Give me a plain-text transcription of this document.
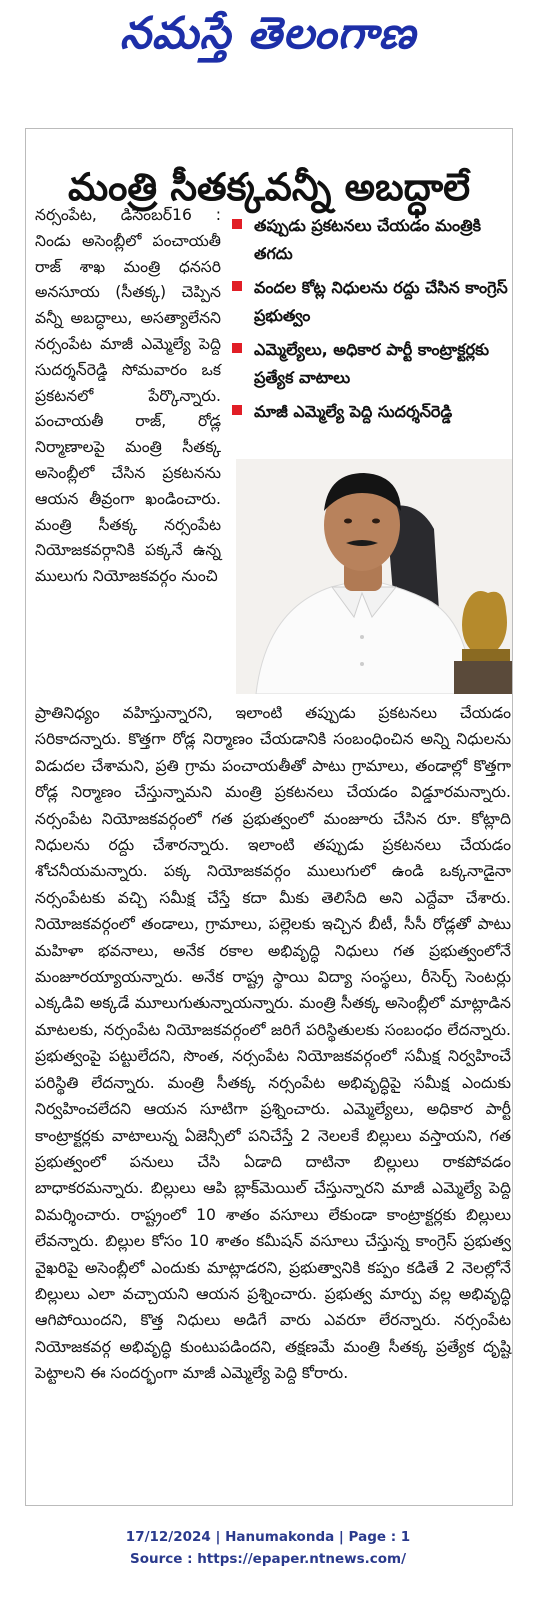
నమస్తే తెలంగాణ
మంత్రి సీతక్కవన్నీ అబద్ధాలే

నర్సంపేట, డిసెంబర్16 : నిండు అసెంబ్లీలో పంచాయతీ రాజ్ శాఖ మంత్రి ధనసరి అనసూయ (సీతక్క) చెప్పిన వన్నీ అబద్ధాలు, అసత్యాలేనని నర్సంపేట మాజీ ఎమ్మెల్యే పెద్ది సుదర్శన్‌రెడ్డి సోమవారం ఒక ప్రకటనలో పేర్కొన్నారు. పంచాయతీ రాజ్, రోడ్ల నిర్మాణాలపై మంత్రి సీతక్క అసెంబ్లీలో చేసిన ప్రకటనను ఆయన తీవ్రంగా ఖండించారు. మంత్రి సీతక్క నర్సంపేట నియోజకవర్గానికి పక్కనే ఉన్న ములుగు నియోజకవర్గం నుంచి

తప్పుడు ప్రకటనలు చేయడం మంత్రికి తగదు
వందల కోట్ల నిధులను రద్దు చేసిన కాంగ్రెస్ ప్రభుత్వం
ఎమ్మెల్యేలు, అధికార పార్టీ కాంట్రాక్టర్లకు ప్రత్యేక వాటాలు
మాజీ ఎమ్మెల్యే పెద్ది సుదర్శన్‌రెడ్డి

ప్రాతినిధ్యం వహిస్తున్నారని, ఇలాంటి తప్పుడు ప్రకటనలు చేయడం సరికాదన్నారు. కొత్తగా రోడ్ల నిర్మాణం చేయడానికి సంబంధించిన అన్ని నిధులను విడుదల చేశామని, ప్రతి గ్రామ పంచాయతీతో పాటు గ్రామాలు, తండాల్లో కొత్తగా రోడ్ల నిర్మాణం చేస్తున్నామని మంత్రి ప్రకటనలు చేయడం విడ్డూరమన్నారు. నర్సంపేట నియోజకవర్గంలో గత ప్రభుత్వంలో మంజూరు చేసిన రూ. కోట్లాది నిధులను రద్దు చేశారన్నారు. ఇలాంటి తప్పుడు ప్రకటనలు చేయడం శోచనీయమన్నారు. పక్క నియోజకవర్గం ములుగులో ఉండి ఒక్కనాడైనా నర్సంపేటకు వచ్చి సమీక్ష చేస్తే కదా మీకు తెలిసేది అని ఎద్దేవా చేశారు. నియోజకవర్గంలో తండాలు, గ్రామాలు, పల్లెలకు ఇచ్చిన బీటీ, సీసీ రోడ్లతో పాటు మహిళా భవనాలు, అనేక రకాల అభివృద్ధి నిధులు గత ప్రభుత్వంలోనే మంజూరయ్యాయన్నారు. అనేక రాష్ట్ర స్థాయి విద్యా సంస్థలు, రీసెర్చ్ సెంటర్లు ఎక్కడివి అక్కడే మూలుగుతున్నాయన్నారు. మంత్రి సీతక్క అసెంబ్లీలో మాట్లాడిన మాటలకు, నర్సంపేట నియోజకవర్గంలో జరిగే పరిస్థితులకు సంబంధం లేదన్నారు. ప్రభుత్వంపై పట్టులేదని, సొంత, నర్సంపేట నియోజకవర్గంలో సమీక్ష నిర్వహించే పరిస్థితి లేదన్నారు. మంత్రి సీతక్క నర్సంపేట అభివృద్ధిపై సమీక్ష ఎందుకు నిర్వహించలేదని ఆయన సూటిగా ప్రశ్నించారు. ఎమ్మెల్యేలు, అధికార పార్టీ కాంట్రాక్టర్లకు వాటాలున్న ఏజెన్సీలో పనిచేస్తే 2 నెలలకే బిల్లులు వస్తాయని, గత ప్రభుత్వంలో పనులు చేసి ఏడాది దాటినా బిల్లులు రాకపోవడం బాధాకరమన్నారు. బిల్లులు ఆపి బ్లాక్‌మెయిల్ చేస్తున్నారని మాజీ ఎమ్మెల్యే పెద్ది విమర్శించారు. రాష్ట్రంలో 10 శాతం వసూలు లేకుండా కాంట్రాక్టర్లకు బిల్లులు లేవన్నారు. బిల్లుల కోసం 10 శాతం కమీషన్ వసూలు చేస్తున్న కాంగ్రెస్ ప్రభుత్వ వైఖరిపై అసెంబ్లీలో ఎందుకు మాట్లాడరని, ప్రభుత్వానికి కప్పం కడితే 2 నెలల్లోనే బిల్లులు ఎలా వచ్చాయని ఆయన ప్రశ్నించారు. ప్రభుత్వ మార్పు వల్ల అభివృద్ధి ఆగిపోయిందని, కొత్త నిధులు అడిగే వారు ఎవరూ లేరన్నారు. నర్సంపేట నియోజకవర్గ అభివృద్ధి కుంటుపడిందని, తక్షణమే మంత్రి సీతక్క ప్రత్యేక దృష్టి పెట్టాలని ఈ సందర్భంగా మాజీ ఎమ్మెల్యే పెద్ది కోరారు.

17/12/2024 | Hanumakonda | Page : 1
Source : https://epaper.ntnews.com/
